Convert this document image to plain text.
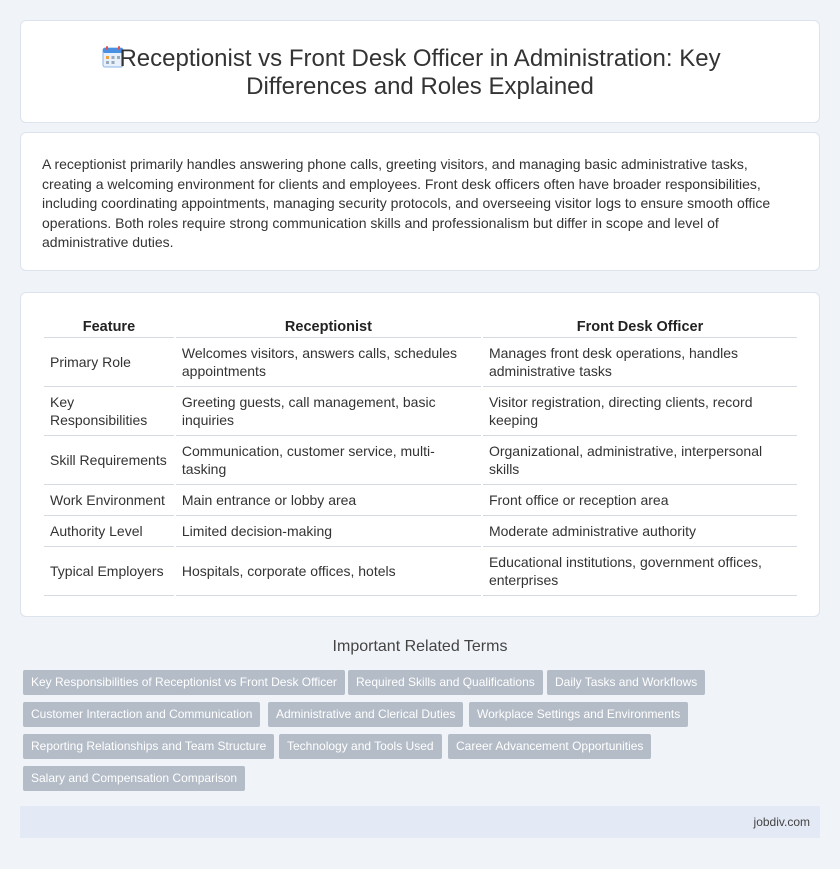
Receptionist vs Front Desk Officer in Administration: Key Differences and Roles Explained

A receptionist primarily handles answering phone calls, greeting visitors, and managing basic administrative tasks, creating a welcoming environment for clients and employees. Front desk officers often have broader responsibilities, including coordinating appointments, managing security protocols, and overseeing visitor logs to ensure smooth office operations. Both roles require strong communication skills and professionalism but differ in scope and level of administrative duties.

Feature	Receptionist	Front Desk Officer
Primary Role	Welcomes visitors, answers calls, schedules appointments	Manages front desk operations, handles administrative tasks
Key Responsibilities	Greeting guests, call management, basic inquiries	Visitor registration, directing clients, record keeping
Skill Requirements	Communication, customer service, multi-tasking	Organizational, administrative, interpersonal skills
Work Environment	Main entrance or lobby area	Front office or reception area
Authority Level	Limited decision-making	Moderate administrative authority
Typical Employers	Hospitals, corporate offices, hotels	Educational institutions, government offices, enterprises
Important Related Terms
Key Responsibilities of Receptionist vs Front Desk Officer	Required Skills and Qualifications	Daily Tasks and Workflows
Customer Interaction and Communication	Administrative and Clerical Duties	Workplace Settings and Environments
Reporting Relationships and Team Structure	Technology and Tools Used	Career Advancement Opportunities
Salary and Compensation Comparison
jobdiv.com
